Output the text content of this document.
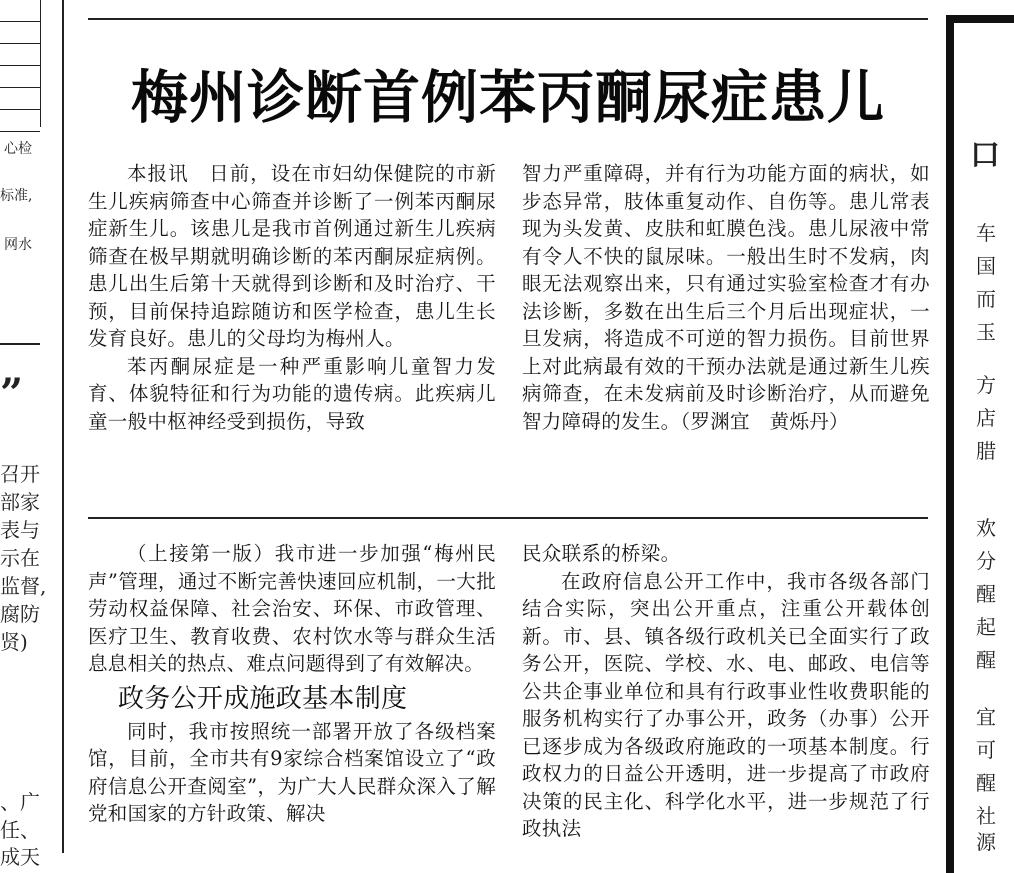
心检
标准,
网水
”
召开
部家
表与
示在
监督,
腐防
贤)
、广
任、
成天
梅州诊断首例苯丙酮尿症患儿

本报讯　日前，设在市妇幼保健院的市新生儿疾病筛查中心筛查并诊断了一例苯丙酮尿症新生儿。该患儿是我市首例通过新生儿疾病筛查在极早期就明确诊断的苯丙酮尿症病例。患儿出生后第十天就得到诊断和及时治疗、干预，目前保持追踪随访和医学检查，患儿生长发育良好。患儿的父母均为梅州人。

苯丙酮尿症是一种严重影响儿童智力发育、体貌特征和行为功能的遗传病。此疾病儿童一般中枢神经受到损伤，导致

智力严重障碍，并有行为功能方面的病状，如步态异常，肢体重复动作、自伤等。患儿常表现为头发黄、皮肤和虹膜色浅。患儿尿液中常有令人不快的鼠尿味。一般出生时不发病，肉眼无法观察出来，只有通过实验室检查才有办法诊断，多数在出生后三个月后出现症状，一旦发病，将造成不可逆的智力损伤。目前世界上对此病最有效的干预办法就是通过新生儿疾病筛查，在未发病前及时诊断治疗，从而避免智力障碍的发生。（罗渊宜　黄烁丹）

（上接第一版）我市进一步加强“梅州民声”管理，通过不断完善快速回应机制，一大批劳动权益保障、社会治安、环保、市政管理、医疗卫生、教育收费、农村饮水等与群众生活息息相关的热点、难点问题得到了有效解决。

政务公开成施政基本制度

同时，我市按照统一部署开放了各级档案馆，目前，全市共有9家综合档案馆设立了“政府信息公开查阅室”，为广大人民群众深入了解党和国家的方针政策、解决

民众联系的桥梁。

在政府信息公开工作中，我市各级各部门结合实际，突出公开重点，注重公开载体创新。市、县、镇各级行政机关已全面实行了政务公开，医院、学校、水、电、邮政、电信等公共企事业单位和具有行政事业性收费职能的服务机构实行了办事公开，政务（办事）公开已逐步成为各级政府施政的一项基本制度。行政权力的日益公开透明，进一步提高了市政府决策的民主化、科学化水平，进一步规范了行政执法

口
车
国
而
玉
方
店
腊
欢
分
醒
起
醒
宜
可
醒
社
源
